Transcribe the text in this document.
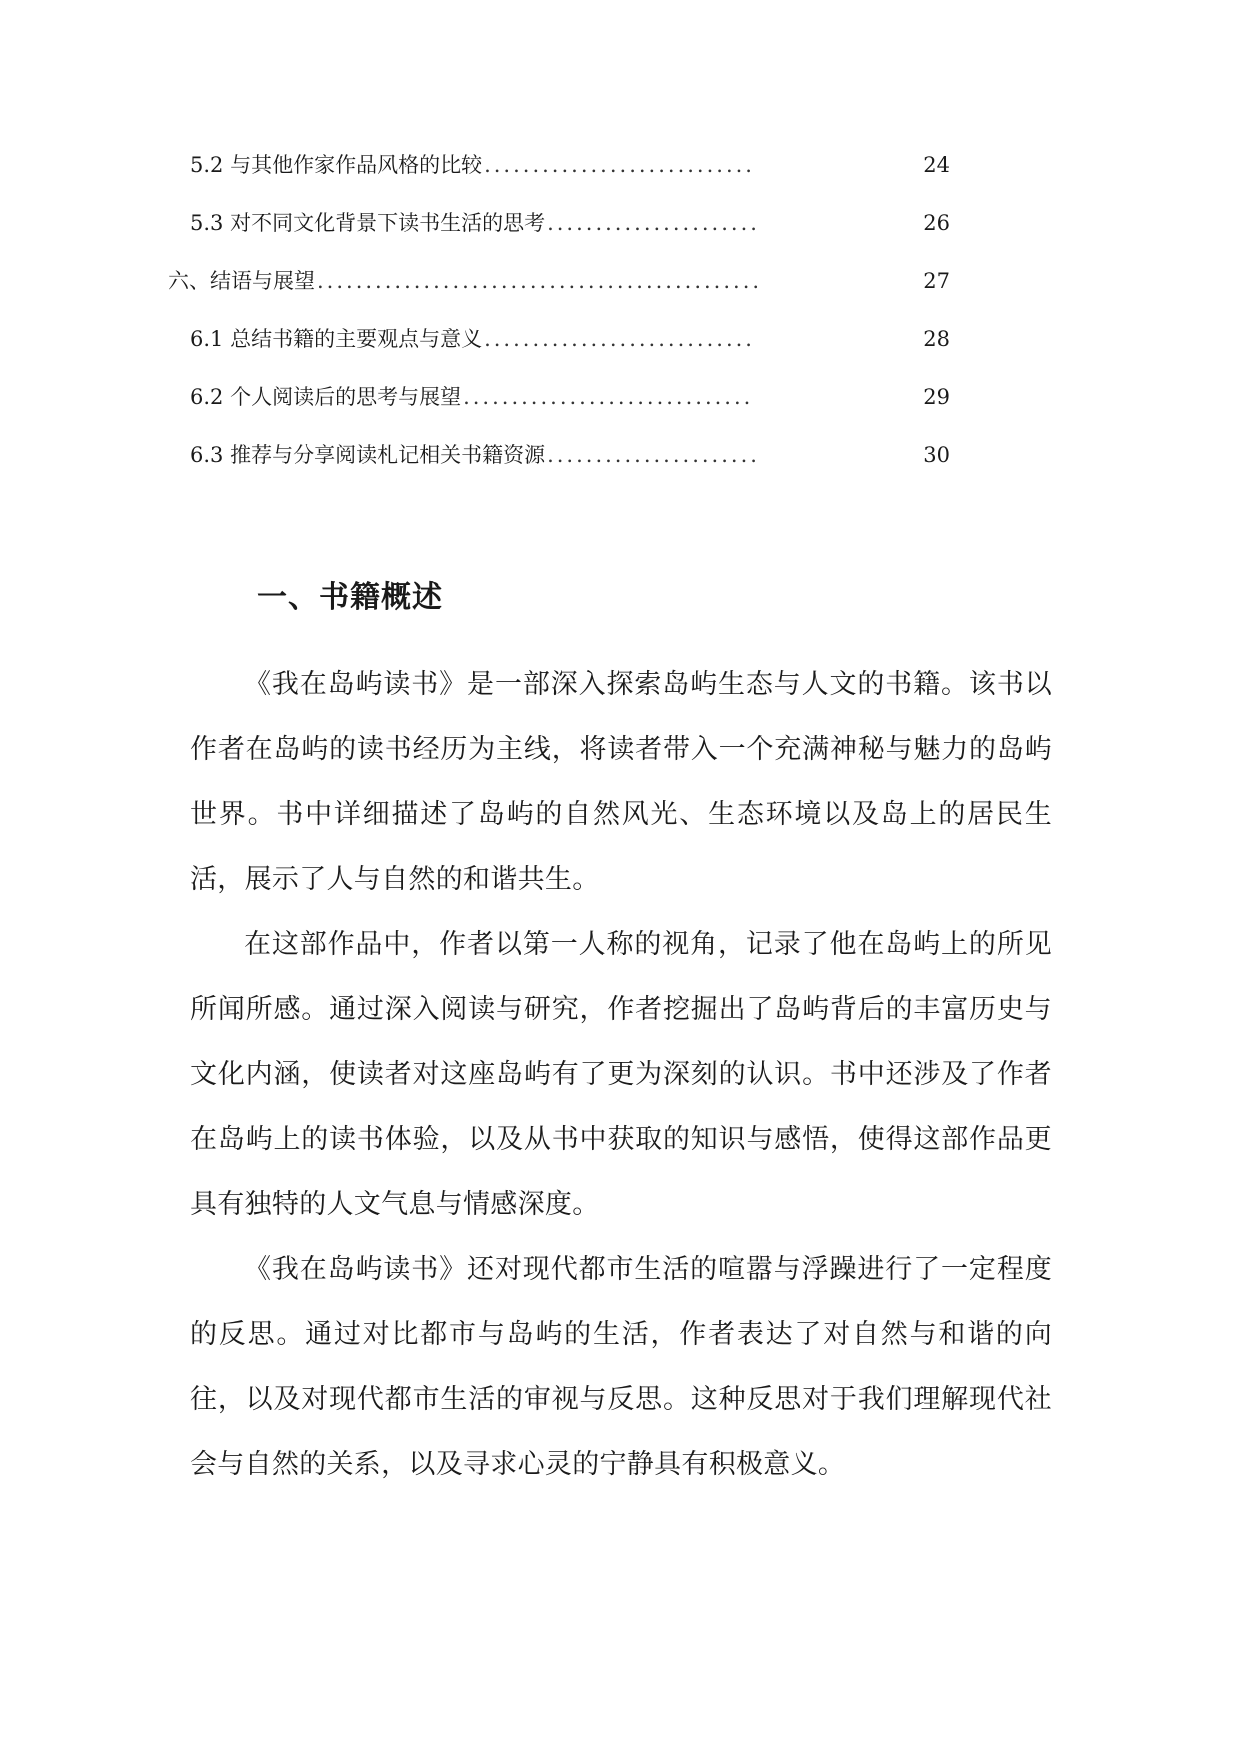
5.2 与其他作家作品风格的比较 ............................	24
5.3 对不同文化背景下读书生活的思考 ......................	26
六、结语与展望 ..............................................	27
6.1 总结书籍的主要观点与意义 ............................	28
6.2 个人阅读后的思考与展望 ..............................	29
6.3 推荐与分享阅读札记相关书籍资源 ......................	30
一、书籍概述

《我在岛屿读书》是一部深入探索岛屿生态与人文的书籍。该书以作者在岛屿的读书经历为主线，将读者带入一个充满神秘与魅力的岛屿世界。书中详细描述了岛屿的自然风光、生态环境以及岛上的居民生活，展示了人与自然的和谐共生。

在这部作品中，作者以第一人称的视角，记录了他在岛屿上的所见所闻所感。通过深入阅读与研究，作者挖掘出了岛屿背后的丰富历史与文化内涵，使读者对这座岛屿有了更为深刻的认识。书中还涉及了作者在岛屿上的读书体验，以及从书中获取的知识与感悟，使得这部作品更具有独特的人文气息与情感深度。

《我在岛屿读书》还对现代都市生活的喧嚣与浮躁进行了一定程度的反思。通过对比都市与岛屿的生活，作者表达了对自然与和谐的向往，以及对现代都市生活的审视与反思。这种反思对于我们理解现代社会与自然的关系，以及寻求心灵的宁静具有积极意义。
